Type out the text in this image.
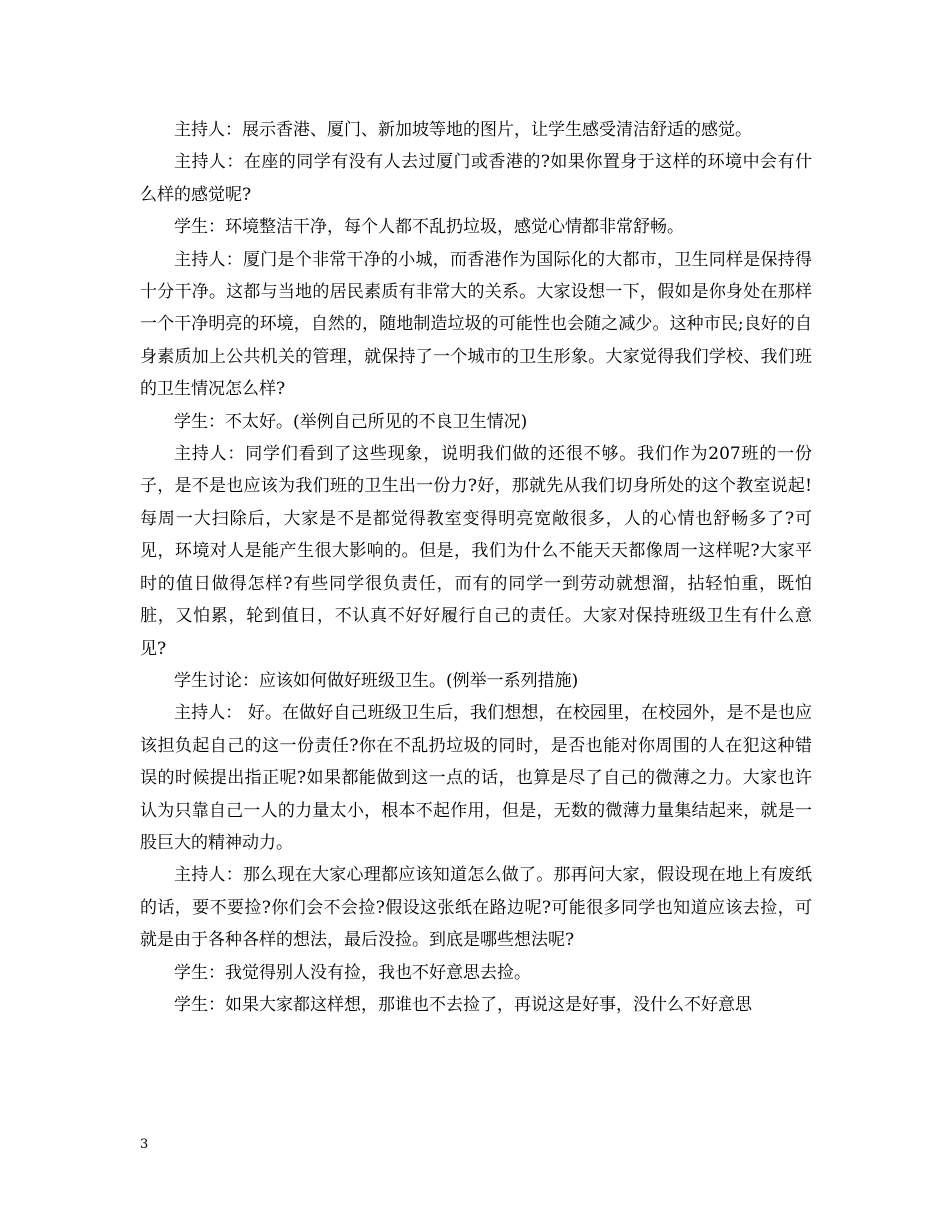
主持人：展示香港、厦门、新加坡等地的图片，让学生感受清洁舒适的感觉。

主持人：在座的同学有没有人去过厦门或香港的?如果你置身于这样的环境中会有什么样的感觉呢?

学生：环境整洁干净，每个人都不乱扔垃圾，感觉心情都非常舒畅。

主持人：厦门是个非常干净的小城，而香港作为国际化的大都市，卫生同样是保持得十分干净。这都与当地的居民素质有非常大的关系。大家设想一下，假如是你身处在那样一个干净明亮的环境，自然的，随地制造垃圾的可能性也会随之减少。这种市民;良好的自身素质加上公共机关的管理，就保持了一个城市的卫生形象。大家觉得我们学校、我们班的卫生情况怎么样?

学生：不太好。(举例自己所见的不良卫生情况)

主持人：同学们看到了这些现象，说明我们做的还很不够。我们作为207班的一份子，是不是也应该为我们班的卫生出一份力?好，那就先从我们切身所处的这个教室说起!每周一大扫除后，大家是不是都觉得教室变得明亮宽敞很多，人的心情也舒畅多了?可见，环境对人是能产生很大影响的。但是，我们为什么不能天天都像周一这样呢?大家平时的值日做得怎样?有些同学很负责任，而有的同学一到劳动就想溜，拈轻怕重，既怕脏，又怕累，轮到值日，不认真不好好履行自己的责任。大家对保持班级卫生有什么意见?

学生讨论：应该如何做好班级卫生。(例举一系列措施)

主持人： 好。在做好自己班级卫生后，我们想想，在校园里，在校园外，是不是也应该担负起自己的这一份责任?你在不乱扔垃圾的同时，是否也能对你周围的人在犯这种错误的时候提出指正呢?如果都能做到这一点的话，也算是尽了自己的微薄之力。大家也许认为只靠自己一人的力量太小，根本不起作用，但是，无数的微薄力量集结起来，就是一股巨大的精神动力。

主持人：那么现在大家心理都应该知道怎么做了。那再问大家，假设现在地上有废纸的话，要不要捡?你们会不会捡?假设这张纸在路边呢?可能很多同学也知道应该去捡，可就是由于各种各样的想法，最后没捡。到底是哪些想法呢?

学生：我觉得别人没有捡，我也不好意思去捡。

学生：如果大家都这样想，那谁也不去捡了，再说这是好事，没什么不好意思

3
